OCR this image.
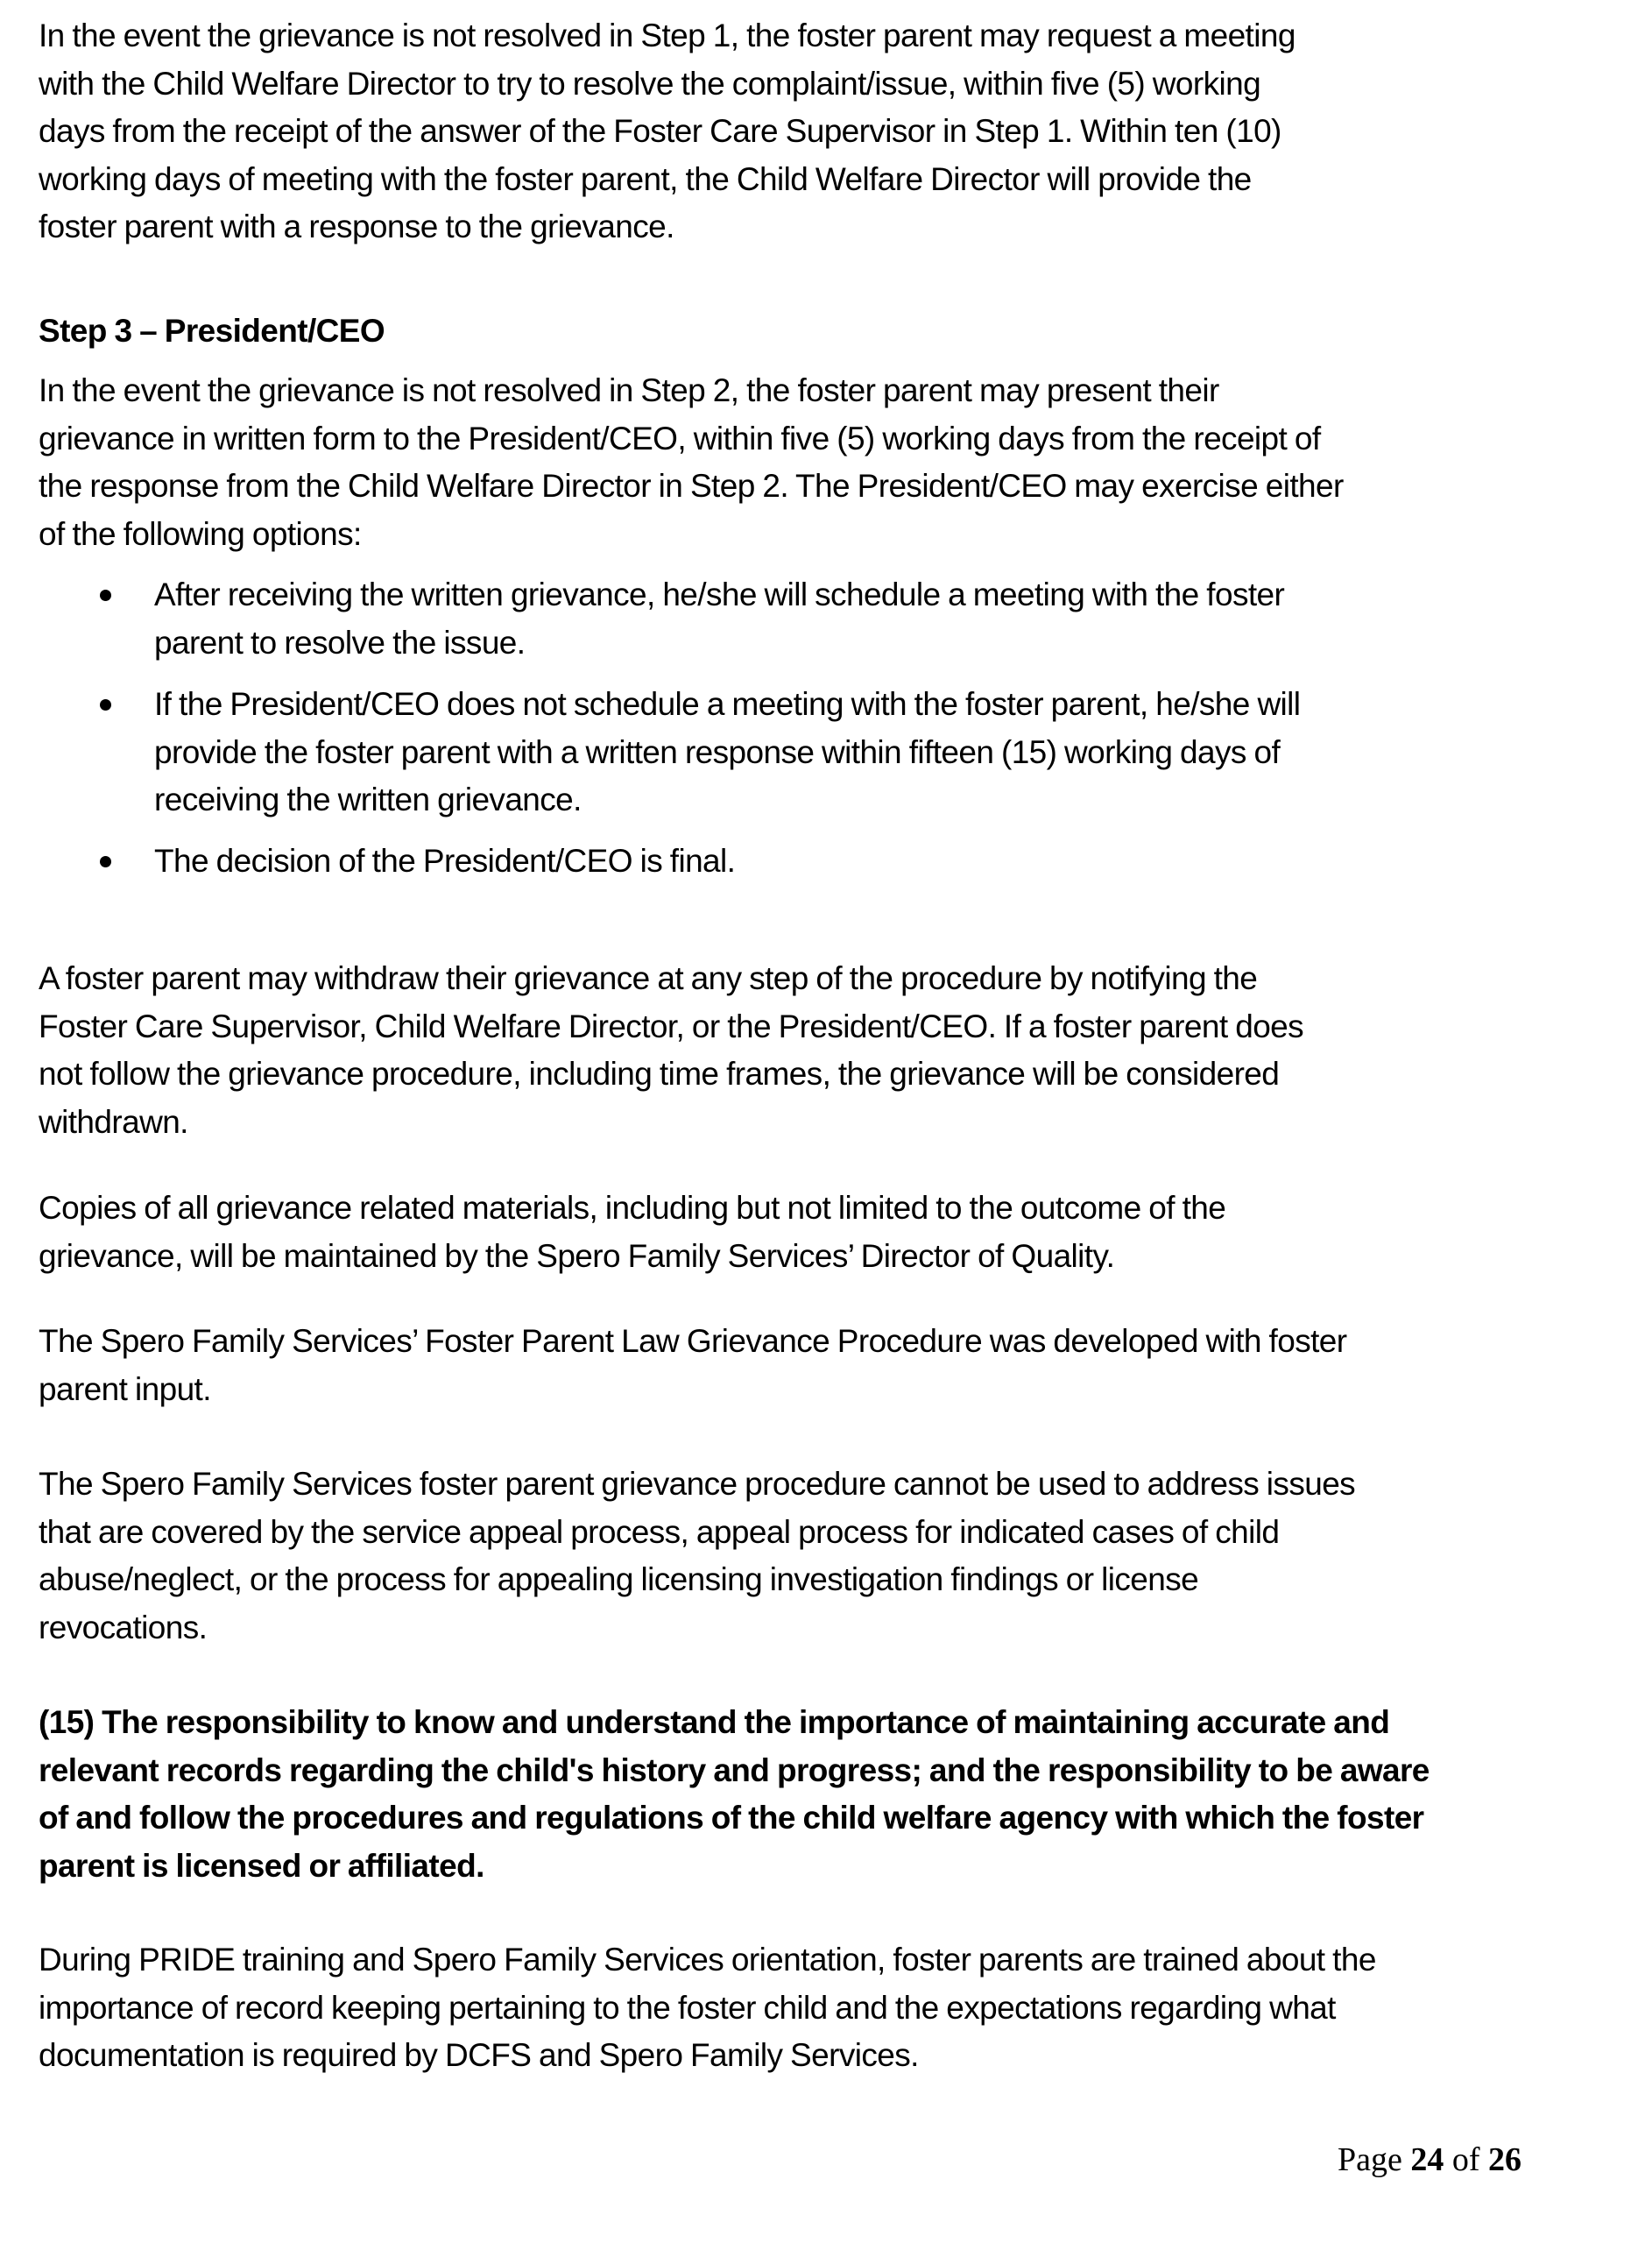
In the event the grievance is not resolved in Step 1, the foster parent may request a meeting
with the Child Welfare Director to try to resolve the complaint/issue, within five (5) working
days from the receipt of the answer of the Foster Care Supervisor in Step 1. Within ten (10)
working days of meeting with the foster parent, the Child Welfare Director will provide the
foster parent with a response to the grievance.
Step 3 – President/CEO
In the event the grievance is not resolved in Step 2, the foster parent may present their
grievance in written form to the President/CEO, within five (5) working days from the receipt of
the response from the Child Welfare Director in Step 2. The President/CEO may exercise either
of the following options:
After receiving the written grievance, he/she will schedule a meeting with the foster
parent to resolve the issue.
If the President/CEO does not schedule a meeting with the foster parent, he/she will
provide the foster parent with a written response within fifteen (15) working days of
receiving the written grievance.
The decision of the President/CEO is final.
A foster parent may withdraw their grievance at any step of the procedure by notifying the
Foster Care Supervisor, Child Welfare Director, or the President/CEO. If a foster parent does
not follow the grievance procedure, including time frames, the grievance will be considered
withdrawn.
Copies of all grievance related materials, including but not limited to the outcome of the
grievance, will be maintained by the Spero Family Services’ Director of Quality.
The Spero Family Services’ Foster Parent Law Grievance Procedure was developed with foster
parent input.
The Spero Family Services foster parent grievance procedure cannot be used to address issues
that are covered by the service appeal process, appeal process for indicated cases of child
abuse/neglect, or the process for appealing licensing investigation findings or license
revocations.
(15) The responsibility to know and understand the importance of maintaining accurate and
relevant records regarding the child's history and progress; and the responsibility to be aware
of and follow the procedures and regulations of the child welfare agency with which the foster
parent is licensed or affiliated.
During PRIDE training and Spero Family Services orientation, foster parents are trained about the
importance of record keeping pertaining to the foster child and the expectations regarding what
documentation is required by DCFS and Spero Family Services.
Page 24 of 26
